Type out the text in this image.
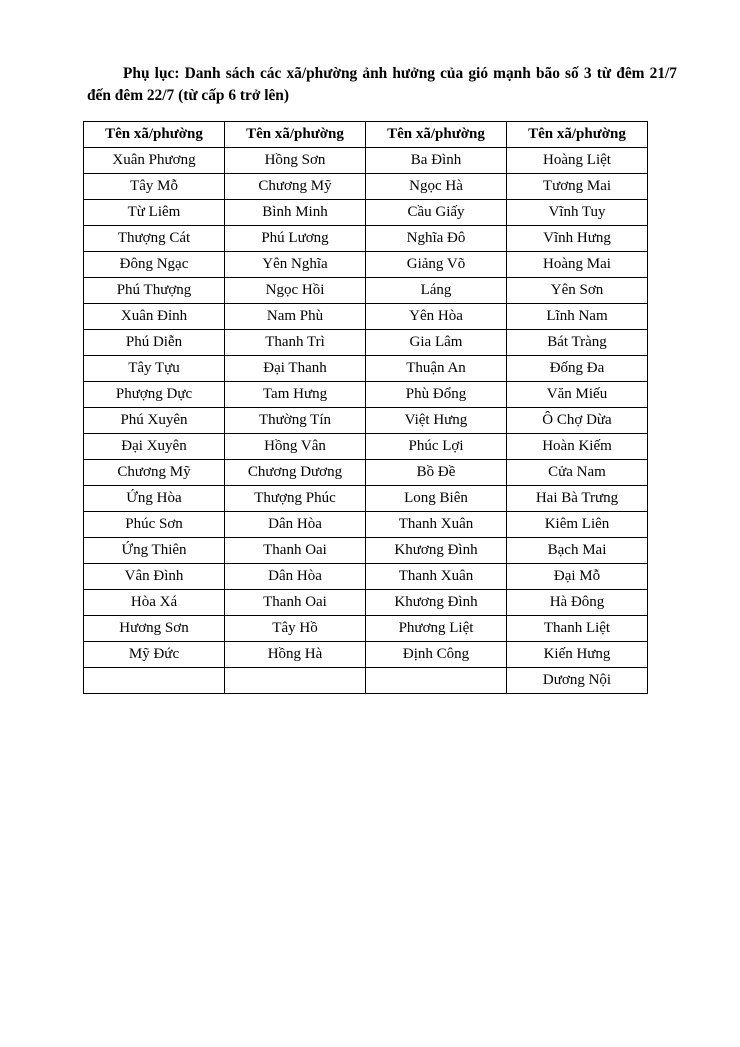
Phụ lục: Danh sách các xã/phường ảnh hưởng của gió mạnh bão số 3 từ đêm 21/7 đến đêm 22/7 (từ cấp 6 trở lên)
Tên xã/phường	Tên xã/phường	Tên xã/phường	Tên xã/phường
Xuân Phương	Hồng Sơn	Ba Đình	Hoàng Liệt
Tây Mỗ	Chương Mỹ	Ngọc Hà	Tương Mai
Từ Liêm	Bình Minh	Cầu Giấy	Vĩnh Tuy
Thượng Cát	Phú Lương	Nghĩa Đô	Vĩnh Hưng
Đông Ngạc	Yên Nghĩa	Giảng Võ	Hoàng Mai
Phú Thượng	Ngọc Hồi	Láng	Yên Sơn
Xuân Đỉnh	Nam Phù	Yên Hòa	Lĩnh Nam
Phú Diễn	Thanh Trì	Gia Lâm	Bát Tràng
Tây Tựu	Đại Thanh	Thuận An	Đống Đa
Phượng Dực	Tam Hưng	Phù Đổng	Văn Miếu
Phú Xuyên	Thường Tín	Việt Hưng	Ô Chợ Dừa
Đại Xuyên	Hồng Vân	Phúc Lợi	Hoàn Kiếm
Chương Mỹ	Chương Dương	Bồ Đề	Cửa Nam
Ứng Hòa	Thượng Phúc	Long Biên	Hai Bà Trưng
Phúc Sơn	Dân Hòa	Thanh Xuân	Kiêm Liên
Ứng Thiên	Thanh Oai	Khương Đình	Bạch Mai
Vân Đình	Dân Hòa	Thanh Xuân	Đại Mỗ
Hòa Xá	Thanh Oai	Khương Đình	Hà Đông
Hương Sơn	Tây Hồ	Phương Liệt	Thanh Liệt
Mỹ Đức	Hồng Hà	Định Công	Kiến Hưng
			Dương Nội
